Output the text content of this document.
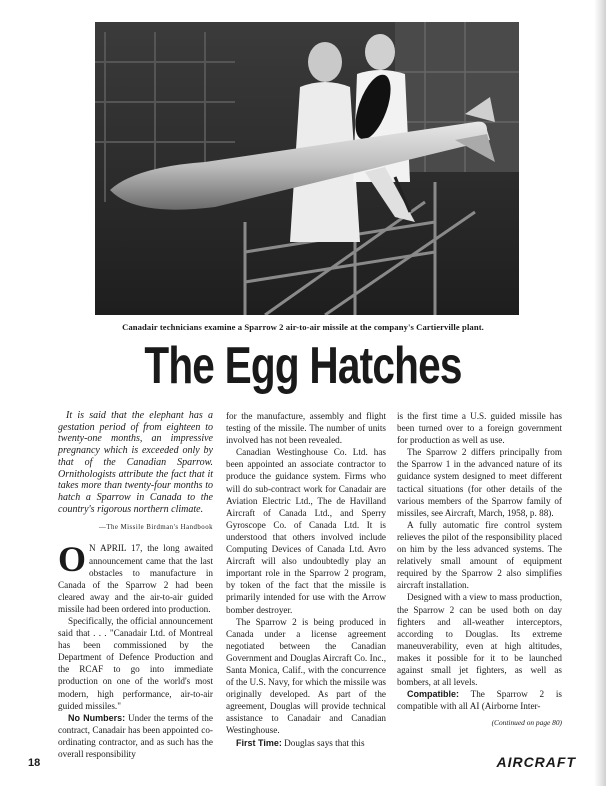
Canadair technicians examine a Sparrow 2 air-to-air missile at the company's Cartierville plant.
The Egg Hatches

It is said that the elephant has a gestation period of from eighteen to twenty-one months, an impressive pregnancy which is exceeded only by that of the Canadian Sparrow. Ornithologists attribute the fact that it takes more than twenty-four months to hatch a Sparrow in Canada to the country's rigorous northern climate.

—The Missile Birdman's Handbook

O N APRIL 17, the long awaited announcement came that the last obstacles to manufacture in Canada of the Sparrow 2 had been cleared away and the air-to-air guided missile had been ordered into production.

Specifically, the official announcement said that . . . "Canadair Ltd. of Montreal has been commissioned by the Department of Defence Production and the RCAF to go into immediate production on one of the world's most modern, high performance, air-to-air guided missiles."

No Numbers: Under the terms of the contract, Canadair has been appointed co-ordinating contractor, and as such has the overall responsibility

for the manufacture, assembly and flight testing of the missile. The number of units involved has not been revealed.

Canadian Westinghouse Co. Ltd. has been appointed an associate contractor to produce the guidance system. Firms who will do sub-contract work for Canadair are Aviation Electric Ltd., The de Havilland Aircraft of Canada Ltd., and Sperry Gyroscope Co. of Canada Ltd. It is understood that others involved include Computing Devices of Canada Ltd. Avro Aircraft will also undoubtedly play an important role in the Sparrow 2 program, by token of the fact that the missile is primarily intended for use with the Arrow bomber destroyer.

The Sparrow 2 is being produced in Canada under a license agreement negotiated between the Canadian Government and Douglas Aircraft Co. Inc., Santa Monica, Calif., with the concurrence of the U.S. Navy, for which the missile was originally developed. As part of the agreement, Douglas will provide technical assistance to Canadair and Canadian Westinghouse.

First Time: Douglas says that this

is the first time a U.S. guided missile has been turned over to a foreign government for production as well as use.

The Sparrow 2 differs principally from the Sparrow 1 in the advanced nature of its guidance system designed to meet different tactical situations (for other details of the various members of the Sparrow family of missiles, see Aircraft, March, 1958, p. 88).

A fully automatic fire control system relieves the pilot of the responsibility placed on him by the less advanced systems. The relatively small amount of equipment required by the Sparrow 2 also simplifies aircraft installation.

Designed with a view to mass production, the Sparrow 2 can be used both on day fighters and all-weather interceptors, according to Douglas. Its extreme maneuverability, even at high altitudes, makes it possible for it to be launched against small jet fighters, as well as bombers, at all levels.

Compatible: The Sparrow 2 is compatible with all AI (Airborne Inter-

(Continued on page 80)

18	AIRCRAFT
